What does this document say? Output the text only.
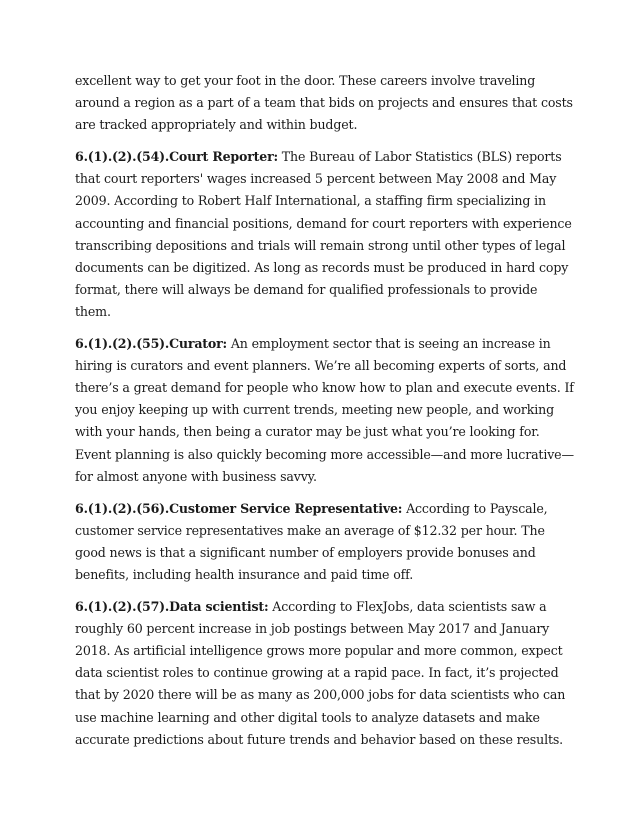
excellent way to get your foot in the door. These careers involve traveling around a region as a part of a team that bids on projects and ensures that costs are tracked appropriately and within budget.

6.(1).(2).(54).Court Reporter: The Bureau of Labor Statistics (BLS) reports that court reporters' wages increased 5 percent between May 2008 and May 2009. According to Robert Half International, a staffing firm specializing in accounting and financial positions, demand for court reporters with experience transcribing depositions and trials will remain strong until other types of legal documents can be digitized. As long as records must be produced in hard copy format, there will always be demand for qualified professionals to provide them.

6.(1).(2).(55).Curator: An employment sector that is seeing an increase in hiring is curators and event planners. We’re all becoming experts of sorts, and there’s a great demand for people who know how to plan and execute events. If you enjoy keeping up with current trends, meeting new people, and working with your hands, then being a curator may be just what you’re looking for. Event planning is also quickly becoming more accessible—and more lucrative—for almost anyone with business savvy.

6.(1).(2).(56).Customer Service Representative: According to Payscale, customer service representatives make an average of $12.32 per hour. The good news is that a significant number of employers provide bonuses and benefits, including health insurance and paid time off.

6.(1).(2).(57).Data scientist: According to FlexJobs, data scientists saw a roughly 60 percent increase in job postings between May 2017 and January 2018. As artificial intelligence grows more popular and more common, expect data scientist roles to continue growing at a rapid pace. In fact, it’s projected that by 2020 there will be as many as 200,000 jobs for data scientists who can use machine learning and other digital tools to analyze datasets and make accurate predictions about future trends and behavior based on these results.
